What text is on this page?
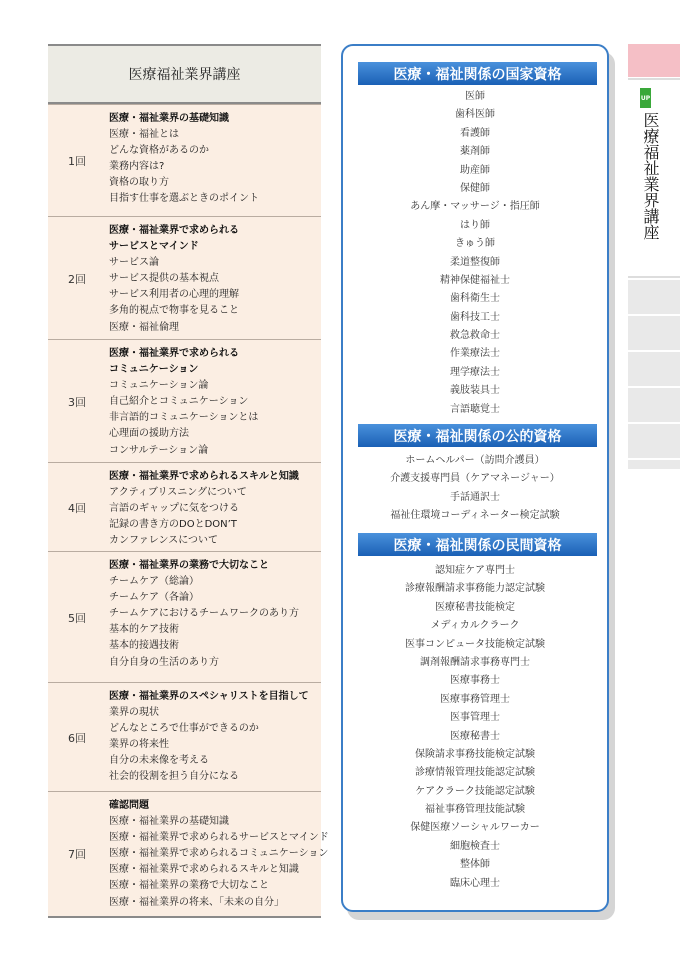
医療福祉業界講座
1回
医療・福祉業界の基礎知識
医療・福祉とは
どんな資格があるのか
業務内容は?
資格の取り方
目指す仕事を選ぶときのポイント
2回
医療・福祉業界で求められる
サービスとマインド
サービス論
サービス提供の基本視点
サービス利用者の心理的理解
多角的視点で物事を見ること
医療・福祉倫理
3回
医療・福祉業界で求められる
コミュニケーション
コミュニケーション論
自己紹介とコミュニケーション
非言語的コミュニケーションとは
心理面の援助方法
コンサルテーション論
4回
医療・福祉業界で求められるスキルと知識
アクティブリスニングについて
言語のギャップに気をつける
記録の書き方のDOとDON’T
カンファレンスについて
5回
医療・福祉業界の業務で大切なこと
チームケア（総論）
チームケア（各論）
チームケアにおけるチームワークのあり方
基本的ケア技術
基本的接遇技術
自分自身の生活のあり方
6回
医療・福祉業界のスペシャリストを目指して
業界の現状
どんなところで仕事ができるのか
業界の将来性
自分の未来像を考える
社会的役割を担う自分になる
7回
確認問題
医療・福祉業界の基礎知識
医療・福祉業界で求められるサービスとマインド
医療・福祉業界で求められるコミュニケーション
医療・福祉業界で求められるスキルと知識
医療・福祉業界の業務で大切なこと
医療・福祉業界の将来、「未来の自分」
医療・福祉関係の国家資格
医師
歯科医師
看護師
薬剤師
助産師
保健師
あん摩・マッサージ・指圧師
はり師
きゅう師
柔道整復師
精神保健福祉士
歯科衛生士
歯科技工士
救急救命士
作業療法士
理学療法士
義肢装具士
言語聴覚士
医療・福祉関係の公的資格
ホームヘルパー（訪問介護員）
介護支援専門員（ケアマネージャー）
手話通訳士
福祉住環境コーディネーター検定試験
医療・福祉関係の民間資格
認知症ケア専門士
診療報酬請求事務能力認定試験
医療秘書技能検定
メディカルクラーク
医事コンピュータ技能検定試験
調剤報酬請求事務専門士
医療事務士
医療事務管理士
医事管理士
医療秘書士
保険請求事務技能検定試験
診療情報管理技能認定試験
ケアクラーク技能認定試験
福祉事務管理技能試験
保健医療ソーシャルワーカー
細胞検査士
整体師
臨床心理士
UP
医療福祉業界講座
